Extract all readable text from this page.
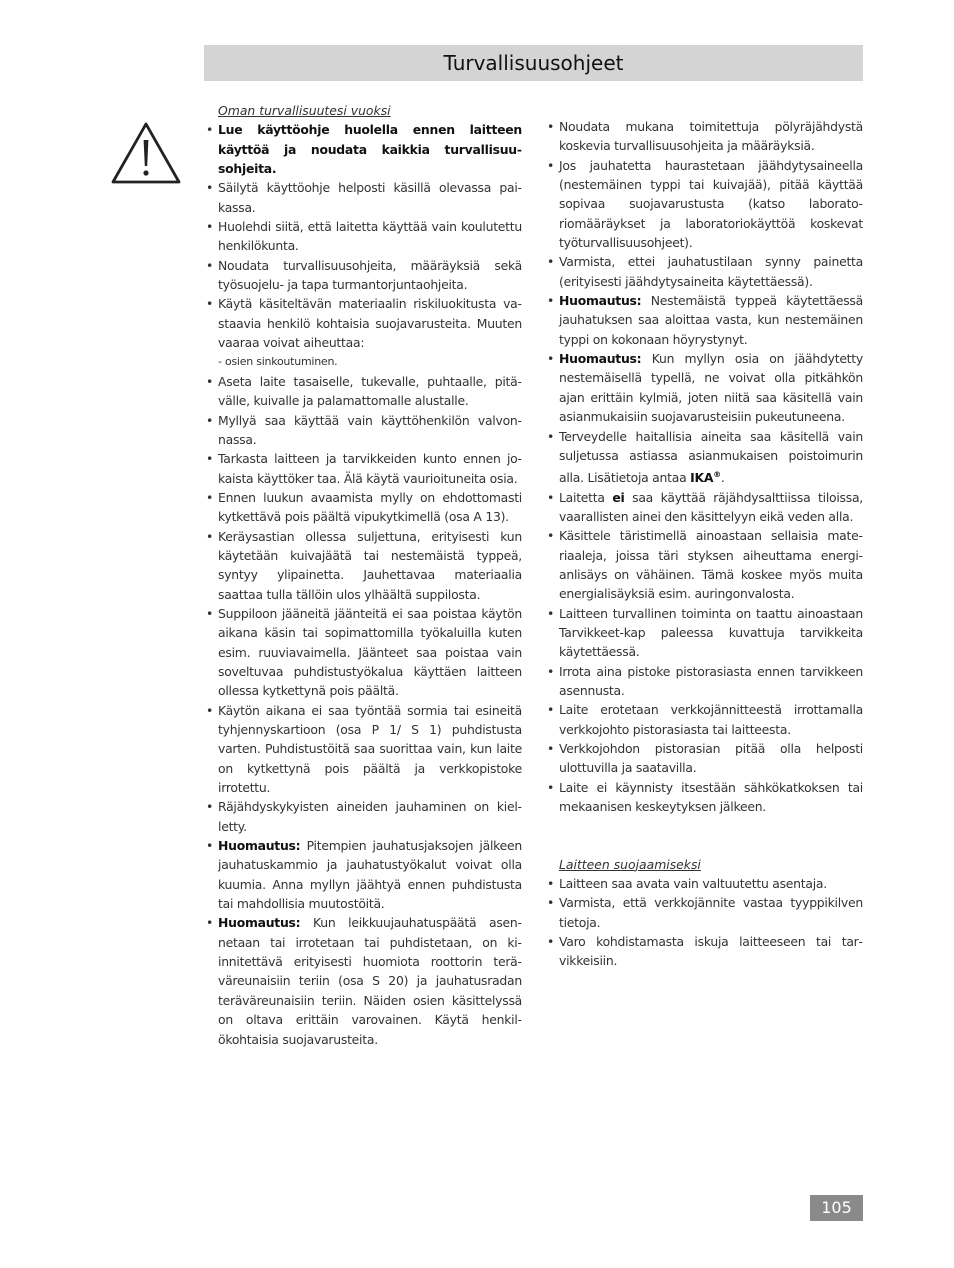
Turvallisuusohjeet
Oman turvallisuutesi vuoksi
• Lue käyttöohje huolella ennen laitteen käyttöä ja noudata kaikkia turvallisuusohjeita.
• Säilytä käyttöohje helposti käsillä olevassa paikassa.
• Huolehdi siitä, että laitetta käyttää vain koulutettu henkilökunta.
• Noudata turvallisuusohjeita, määräyksiä sekä työsuojelu- ja tapa turmantorjuntaohjeita.
• Käytä käsiteltävän materiaalin riskiluokitusta vastaavia henkilö kohtaisia suojavarusteita. Muuten vaaraa voivat aiheuttaa:
- osien sinkoutuminen.
• Aseta laite tasaiselle, tukevalle, puhtaalle, pitävälle, kuivalle ja palamattomalle alustalle.
• Myllyä saa käyttää vain käyttöhenkilön valvonnassa.
• Tarkasta laitteen ja tarvikkeiden kunto ennen jokaista käyttöker taa. Älä käytä vaurioituneita osia.
• Ennen luukun avaamista mylly on ehdottomasti kytkettävä pois päältä vipukytkimellä (osa A 13).
• Keräysastian ollessa suljettuna, erityisesti kun käytetään kuivajäätä tai nestemäistä typpeä, syntyy ylipainetta. Jauhettavaa materiaalia saattaa tulla tällöin ulos ylhäältä suppilosta.
• Suppiloon jääneitä jäänteitä ei saa poistaa käytön aikana käsin tai sopimattomilla työkaluilla kuten esim. ruuviavaimella. Jäänteet saa poistaa vain soveltuvaa puhdistustyökalua käyttäen laitteen ollessa kytkettynä pois päältä.
• Käytön aikana ei saa työntää sormia tai esineitä tyhjennyskartioon (osa P 1/ S 1) puhdistusta varten. Puhdistustöitä saa suorittaa vain, kun laite on kytkettynä pois päältä ja verkkopistoke irrotettu.
• Räjähdyskykyisten aineiden jauhaminen on kielletty.
• Huomautus: Pitempien jauhatusjaksojen jälkeen jauhatuskammio ja jauhatustyökalut voivat olla kuumia. Anna myllyn jäähtyä ennen puhdistusta tai mahdollisia muutostöitä.
• Huomautus: Kun leikkuujauhatuspäätä asennetaan tai irrotetaan tai puhdistetaan, on kiinnitettävä erityisesti huomiota roottorin teräväreunaisiin teriin (osa S 20) ja jauhatusradan teräväreunaisiin teriin. Näiden osien käsittelyssä on oltava erittäin varovainen. Käytä henkilökohtaisia suojavarusteita.
• Noudata mukana toimitettuja pölyräjähdystä koskevia turvallisuusohjeita ja määräyksiä.
• Jos jauhatetta haurastetaan jäähdytysaineella (nestemäinen typpi tai kuivajää), pitää käyttää sopivaa suojavarustusta (katso laboratoriomääräykset ja laboratoriokäyttöä koskevat työturvallisuusohjeet).
• Varmista, ettei jauhatustilaan synny painetta (erityisesti jäähdytysaineita käytettäessä).
• Huomautus: Nestemäistä typpeä käytettäessä jauhatuksen saa aloittaa vasta, kun nestemäinen typpi on kokonaan höyrystynyt.
• Huomautus: Kun myllyn osia on jäähdytetty nestemäisellä typellä, ne voivat olla pitkähkön ajan erittäin kylmiä, joten niitä saa käsitellä vain asianmukaisiin suojavarusteisiin pukeutuneena.
• Terveydelle haitallisia aineita saa käsitellä vain suljetussa astiassa asianmukaisen poistoimurin alla. Lisätietoja antaa IKA®.
• Laitetta ei saa käyttää räjähdysalttiissa tiloissa, vaarallisten ainei den käsittelyyn eikä veden alla.
• Käsittele täristimellä ainoastaan sellaisia materiaaleja, joissa täri styksen aiheuttama energianlisäys on vähäinen. Tämä koskee myös muita energialisäyksiä esim. auringonvalosta.
• Laitteen turvallinen toiminta on taattu ainoastaan Tarvikkeet-kap paleessa kuvattuja tarvikkeita käytettäessä.
• Irrota aina pistoke pistorasiasta ennen tarvikkeen asennusta.
• Laite erotetaan verkkojännitteestä irrottamalla verkkojohto pistorasiasta tai laitteesta.
• Verkkojohdon pistorasian pitää olla helposti ulottuvilla ja saatavilla.
• Laite ei käynnisty itsestään sähkökatkoksen tai mekaanisen keskeytyksen jälkeen.
Laitteen suojaamiseksi
• Laitteen saa avata vain valtuutettu asentaja.
• Varmista, että verkkojännite vastaa tyyppikilven tietoja.
• Varo kohdistamasta iskuja laitteeseen tai tarvikkeisiin.
105
